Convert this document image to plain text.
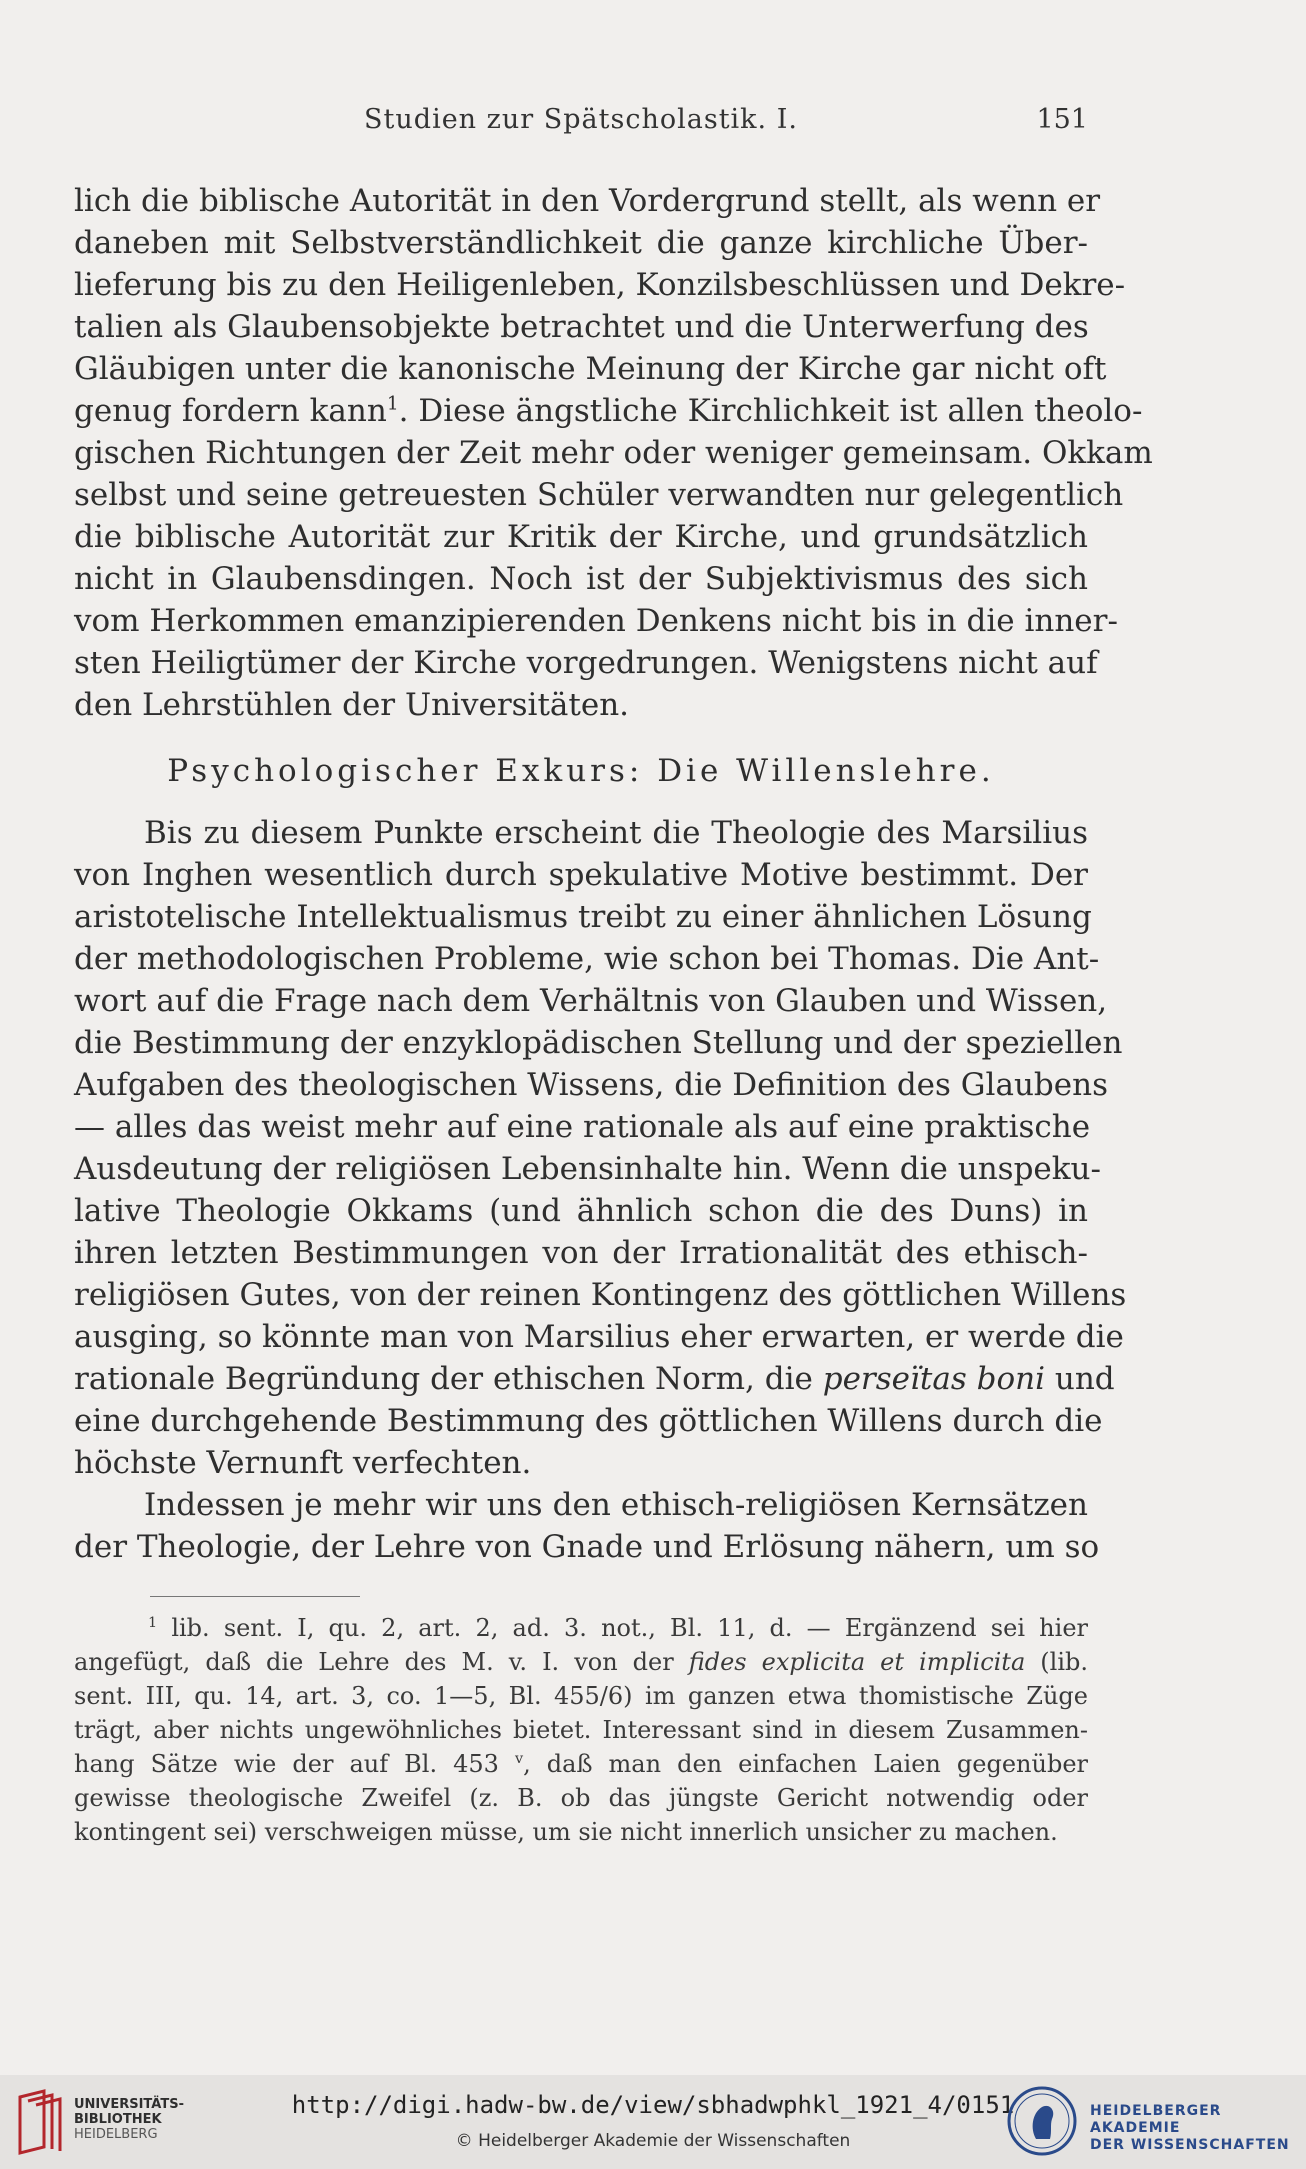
Studien zur Spätscholastik. I.	151
lich die biblische Autorität in den Vordergrund stellt, als wenn er
daneben mit Selbstverständlichkeit die ganze kirchliche Über-
lieferung bis zu den Heiligenleben, Konzilsbeschlüssen und Dekre-
talien als Glaubensobjekte betrachtet und die Unterwerfung des
Gläubigen unter die kanonische Meinung der Kirche gar nicht oft
genug fordern kann$^1$. Diese ängstliche Kirchlichkeit ist allen theolo-
gischen Richtungen der Zeit mehr oder weniger gemeinsam. Okkam
selbst und seine getreuesten Schüler verwandten nur gelegentlich
die biblische Autorität zur Kritik der Kirche, und grundsätzlich
nicht in Glaubensdingen. Noch ist der Subjektivismus des sich
vom Herkommen emanzipierenden Denkens nicht bis in die inner-
sten Heiligtümer der Kirche vorgedrungen. Wenigstens nicht auf
den Lehrstühlen der Universitäten.
Psychologischer Exkurs: Die Willenslehre.
Bis zu diesem Punkte erscheint die Theologie des Marsilius
von Inghen wesentlich durch spekulative Motive bestimmt. Der
aristotelische Intellektualismus treibt zu einer ähnlichen Lösung
der methodologischen Probleme, wie schon bei Thomas. Die Ant-
wort auf die Frage nach dem Verhältnis von Glauben und Wissen,
die Bestimmung der enzyklopädischen Stellung und der speziellen
Aufgaben des theologischen Wissens, die Definition des Glaubens
— alles das weist mehr auf eine rationale als auf eine praktische
Ausdeutung der religiösen Lebensinhalte hin. Wenn die unspeku-
lative Theologie Okkams (und ähnlich schon die des Duns) in
ihren letzten Bestimmungen von der Irrationalität des ethisch-
religiösen Gutes, von der reinen Kontingenz des göttlichen Willens
ausging, so könnte man von Marsilius eher erwarten, er werde die
rationale Begründung der ethischen Norm, die perseïtas boni und
eine durchgehende Bestimmung des göttlichen Willens durch die
höchste Vernunft verfechten.
Indessen je mehr wir uns den ethisch-religiösen Kernsätzen
der Theologie, der Lehre von Gnade und Erlösung nähern, um so
$^1$ lib. sent. I, qu. 2, art. 2, ad. 3. not., Bl. 11, d. — Ergänzend sei hier
angefügt, daß die Lehre des M. v. I. von der fides explicita et implicita (lib.
sent. III, qu. 14, art. 3, co. 1—5, Bl. 455/6) im ganzen etwa thomistische Züge
trägt, aber nichts ungewöhnliches bietet. Interessant sind in diesem Zusammen-
hang Sätze wie der auf Bl. 453 $^v$, daß man den einfachen Laien gegenüber
gewisse theologische Zweifel (z. B. ob das jüngste Gericht notwendig oder
kontingent sei) verschweigen müsse, um sie nicht innerlich unsicher zu machen.
UNIVERSITÄTS-
BIBLIOTHEK
HEIDELBERG
http://digi.hadw-bw.de/view/sbhadwphkl_1921_4/0151
© Heidelberger Akademie der Wissenschaften
HEIDELBERGER AKADEMIE
DER WISSENSCHAFTEN
